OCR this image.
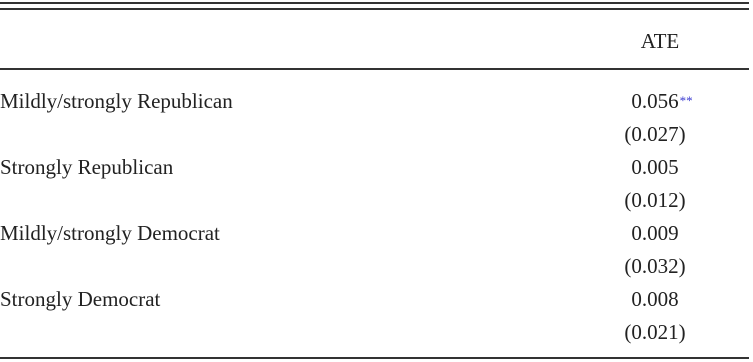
ATE
Mildly/strongly Republican	0.056 **
(0.027)
Strongly Republican	0.005
(0.012)
Mildly/strongly Democrat	0.009
(0.032)
Strongly Democrat	0.008
(0.021)
